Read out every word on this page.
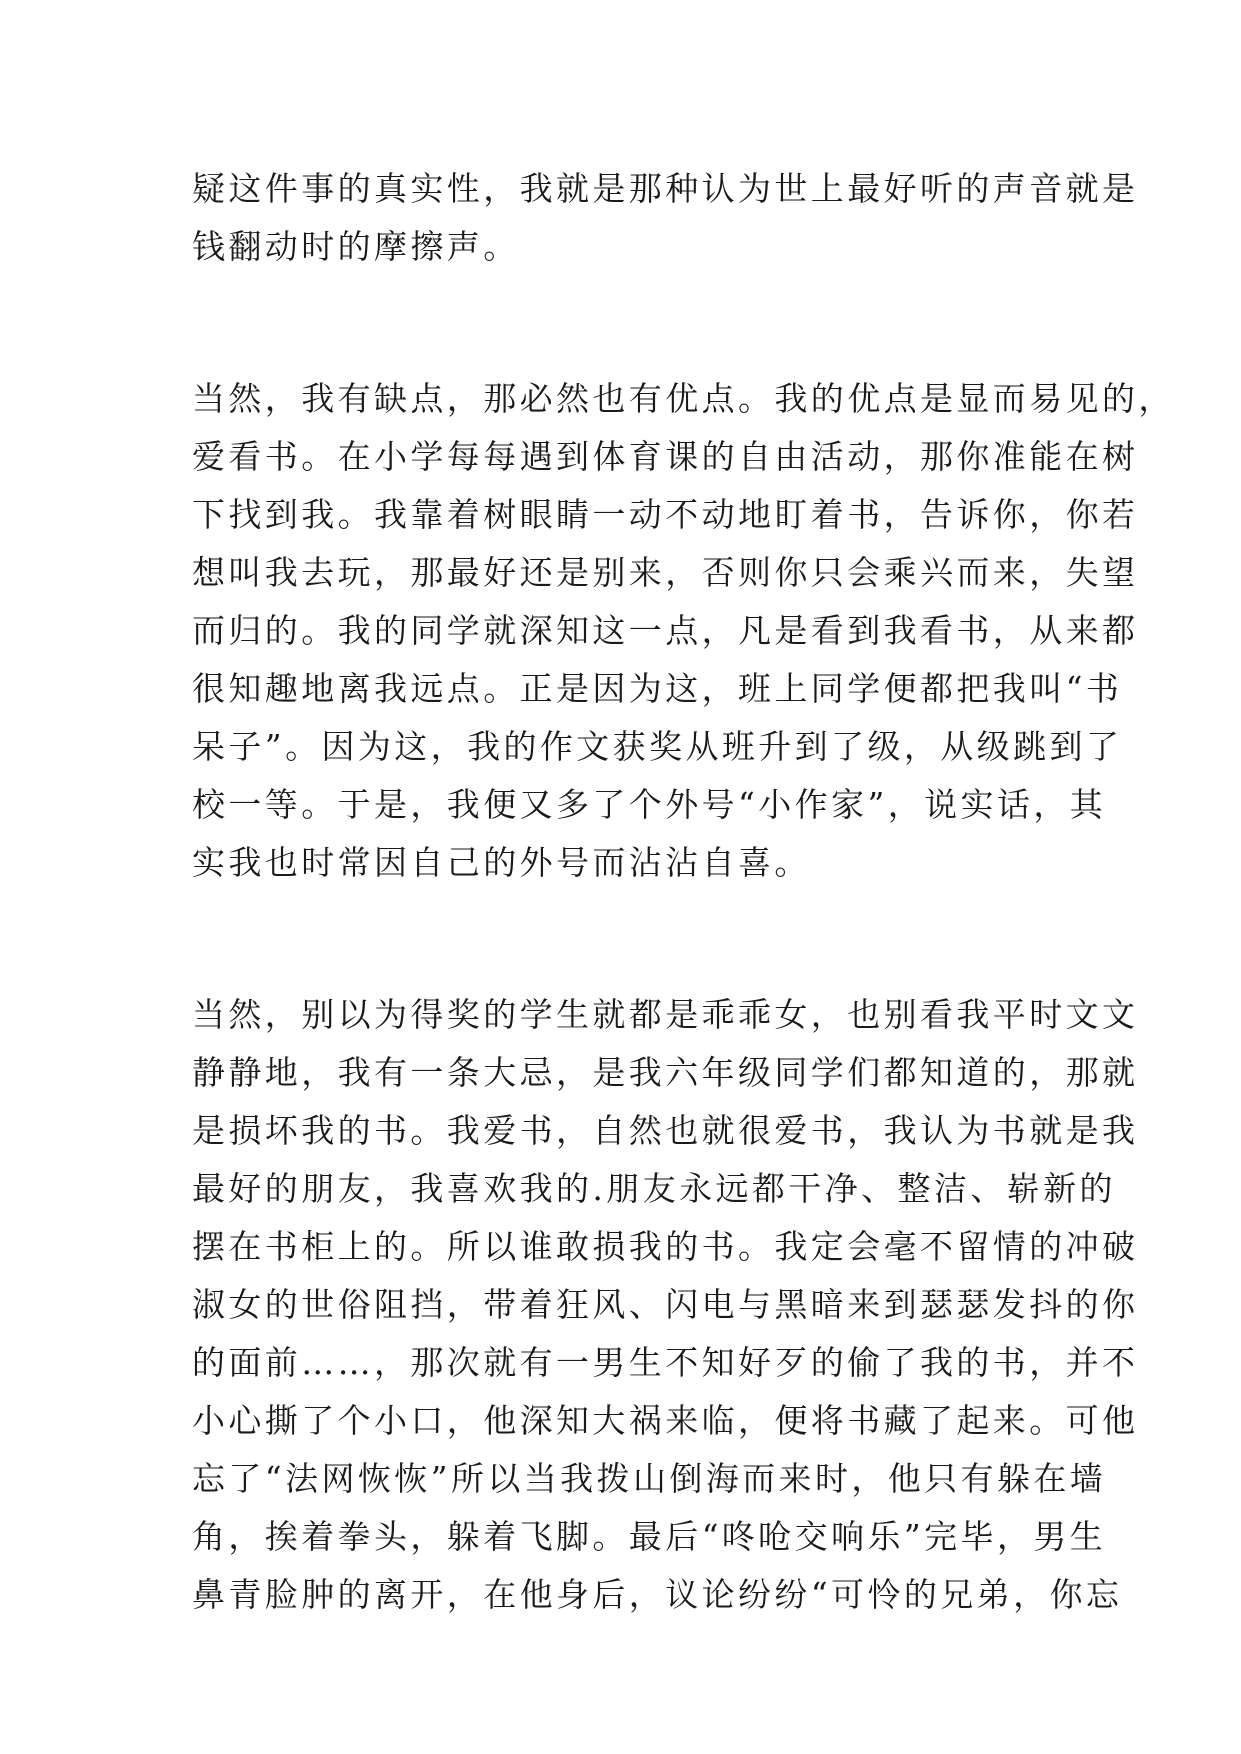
疑这件事的真实性，我就是那种认为世上最好听的声音就是
钱翻动时的摩擦声。
当然，我有缺点，那必然也有优点。我的优点是显而易见的，
爱看书。在小学每每遇到体育课的自由活动，那你准能在树
下找到我。我靠着树眼睛一动不动地盯着书，告诉你，你若
想叫我去玩，那最好还是别来，否则你只会乘兴而来，失望
而归的。我的同学就深知这一点，凡是看到我看书，从来都
很知趣地离我远点。正是因为这，班上同学便都把我叫“书
呆子”。因为这，我的作文获奖从班升到了级，从级跳到了
校一等。于是，我便又多了个外号“小作家”，说实话，其
实我也时常因自己的外号而沾沾自喜。
当然，别以为得奖的学生就都是乖乖女，也别看我平时文文
静静地，我有一条大忌，是我六年级同学们都知道的，那就
是损坏我的书。我爱书，自然也就很爱书，我认为书就是我
最好的朋友，我喜欢我的.朋友永远都干净、整洁、崭新的
摆在书柜上的。所以谁敢损我的书。我定会毫不留情的冲破
淑女的世俗阻挡，带着狂风、闪电与黑暗来到瑟瑟发抖的你
的面前……，那次就有一男生不知好歹的偷了我的书，并不
小心撕了个小口，他深知大祸来临，便将书藏了起来。可他
忘了“法网恢恢”所以当我拨山倒海而来时，他只有躲在墙
角，挨着拳头，躲着飞脚。最后“咚呛交响乐”完毕，男生
鼻青脸肿的离开，在他身后，议论纷纷“可怜的兄弟，你忘
